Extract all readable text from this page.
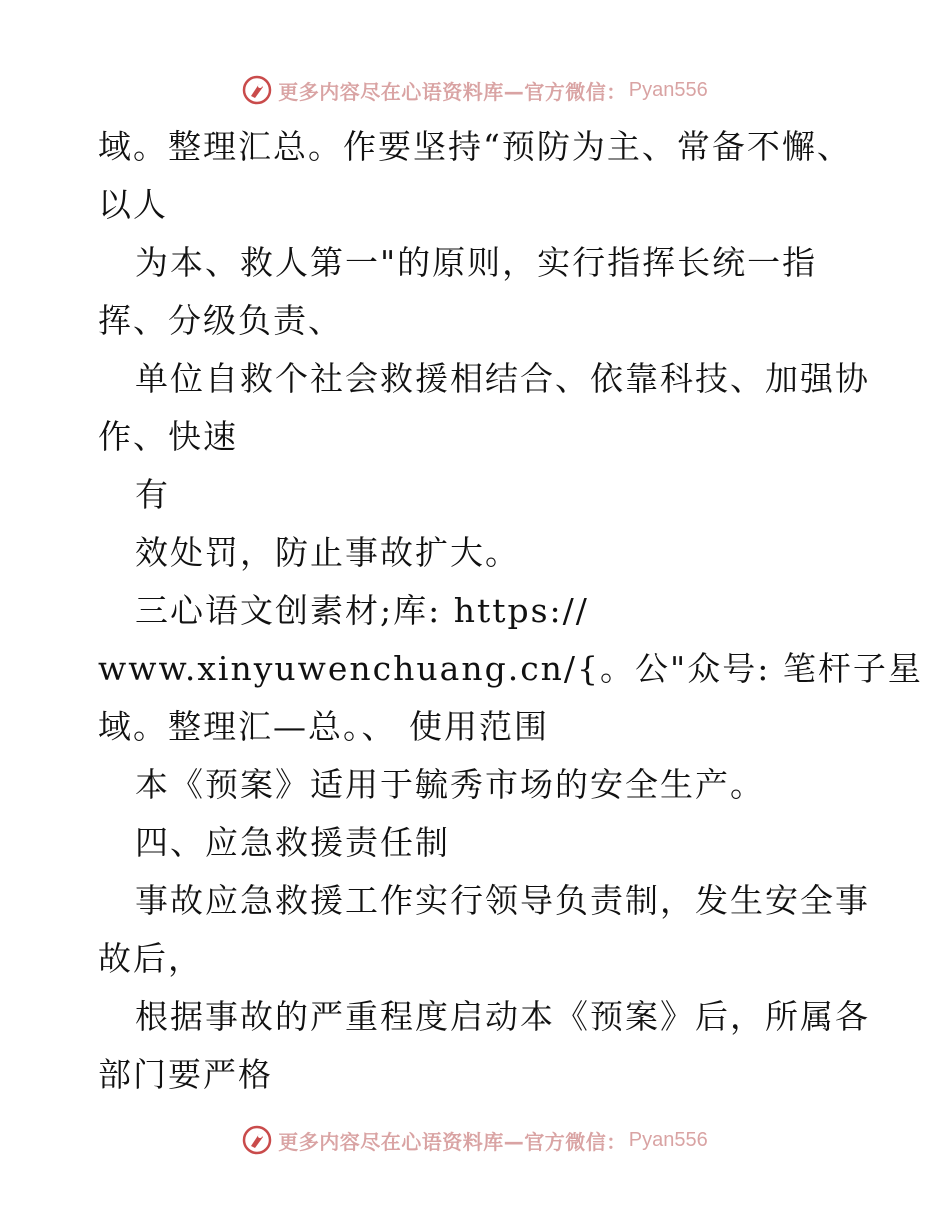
更多内容尽在心语资料库—官方微信： Pyan556
域。整理汇总。作要坚持“预防为主、常备不懈、
以人
为本、救人第一"的原则，实行指挥长统一指
挥、分级负责、
单位自救个社会救援相结合、依靠科技、加强协
作、快速
有
效处罚，防止事故扩大。
三心语文创素材;库: https://
www.xinyuwenchuang.cn/{。公"众号: 笔杆子星
域。整理汇—总。、 使用范围
本《预案》适用于毓秀市场的安全生产。
四、应急救援责任制
事故应急救援工作实行领导负责制，发生安全事
故后，
根据事故的严重程度启动本《预案》后，所属各
部门要严格
更多内容尽在心语资料库—官方微信： Pyan556
